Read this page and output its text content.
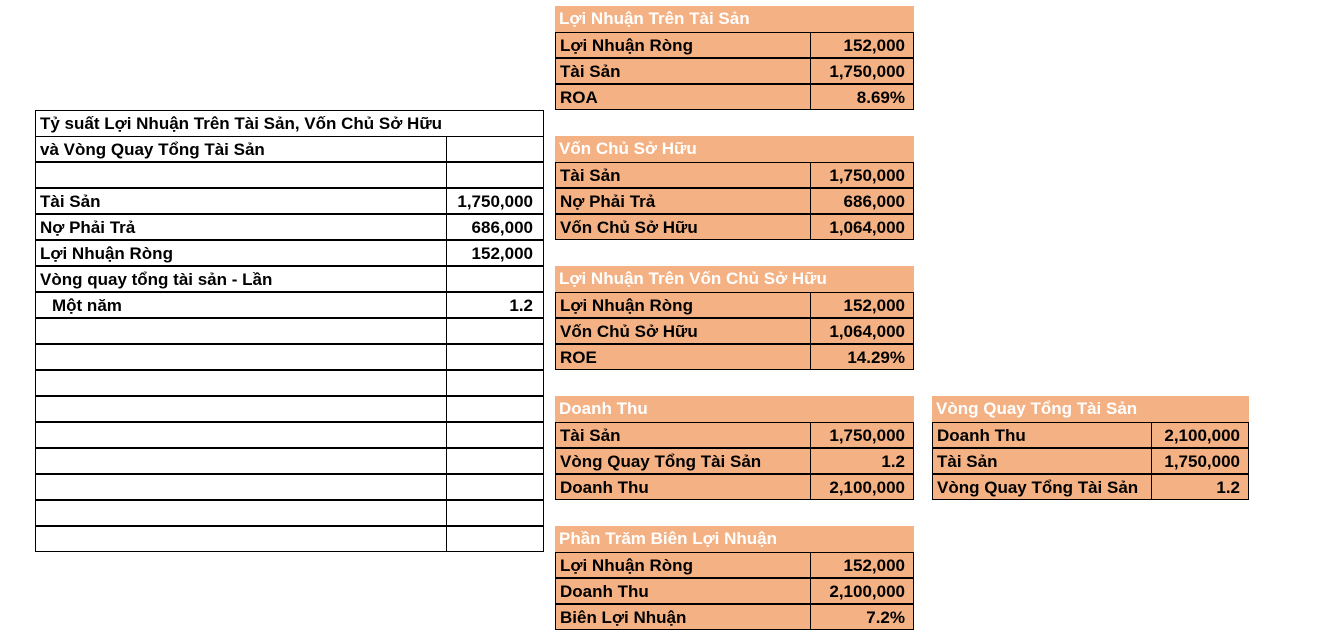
Tỷ suất Lợi Nhuận Trên Tài Sản, Vốn Chủ Sở Hữu
và Vòng Quay Tổng Tài Sản
Tài Sản	1,750,000
Nợ Phải Trả	686,000
Lợi Nhuận Ròng	152,000
Vòng quay tổng tài sản - Lần
Một năm	1.2
Lợi Nhuận Trên Tài Sản
Lợi Nhuận Ròng	152,000
Tài Sản	1,750,000
ROA	8.69%
Vốn Chủ Sở Hữu
Tài Sản	1,750,000
Nợ Phải Trả	686,000
Vốn Chủ Sở Hữu	1,064,000
Lợi Nhuận Trên Vốn Chủ Sở Hữu
Lợi Nhuận Ròng	152,000
Vốn Chủ Sở Hữu	1,064,000
ROE	14.29%
Doanh Thu
Tài Sản	1,750,000
Vòng Quay Tổng Tài Sản	1.2
Doanh Thu	2,100,000
Vòng Quay Tổng Tài Sản
Doanh Thu	2,100,000
Tài Sản	1,750,000
Vòng Quay Tổng Tài Sản	1.2
Phần Trăm Biên Lợi Nhuận
Lợi Nhuận Ròng	152,000
Doanh Thu	2,100,000
Biên Lợi Nhuận	7.2%
